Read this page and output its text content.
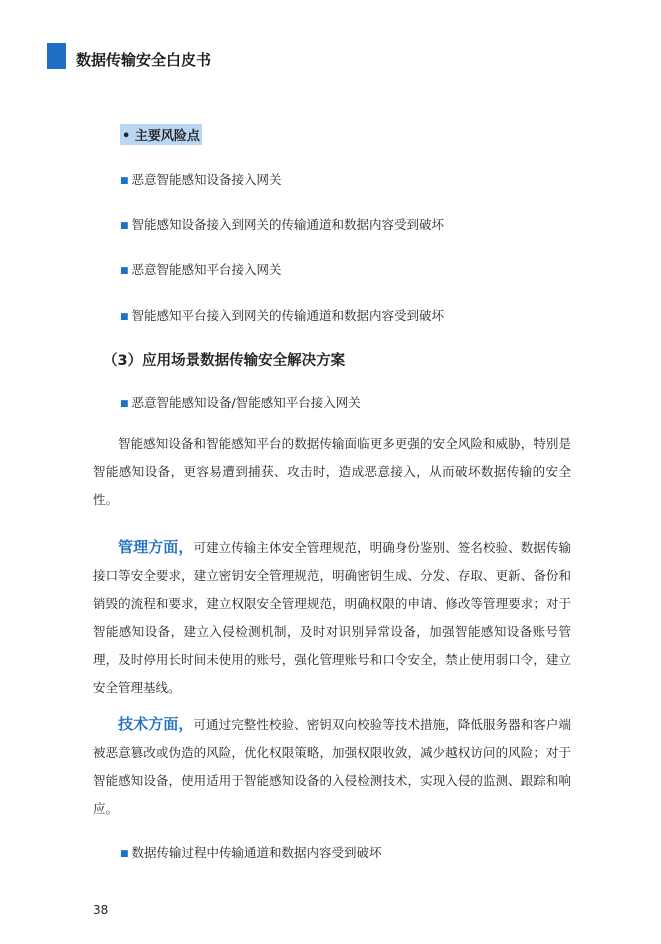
数据传输安全白皮书
• 主要风险点
■ 恶意智能感知设备接入网关
■ 智能感知设备接入到网关的传输通道和数据内容受到破坏
■ 恶意智能感知平台接入网关
■ 智能感知平台接入到网关的传输通道和数据内容受到破坏
（3）应用场景数据传输安全解决方案
■ 恶意智能感知设备/智能感知平台接入网关
智能感知设备和智能感知平台的数据传输面临更多更强的安全风险和威胁，特别是智能感知设备，更容易遭到捕获、攻击时，造成恶意接入，从而破坏数据传输的安全性。
管理方面，可建立传输主体安全管理规范，明确身份鉴别、签名校验、数据传输接口等安全要求，建立密钥安全管理规范，明确密钥生成、分发、存取、更新、备份和销毁的流程和要求，建立权限安全管理规范，明确权限的申请、修改等管理要求；对于智能感知设备，建立入侵检测机制，及时对识别异常设备，加强智能感知设备账号管理，及时停用长时间未使用的账号，强化管理账号和口令安全，禁止使用弱口令，建立安全管理基线。
技术方面，可通过完整性校验、密钥双向校验等技术措施，降低服务器和客户端被恶意篡改或伪造的风险，优化权限策略，加强权限收敛，减少越权访问的风险；对于智能感知设备，使用适用于智能感知设备的入侵检测技术，实现入侵的监测、跟踪和响应。
■ 数据传输过程中传输通道和数据内容受到破坏
38
